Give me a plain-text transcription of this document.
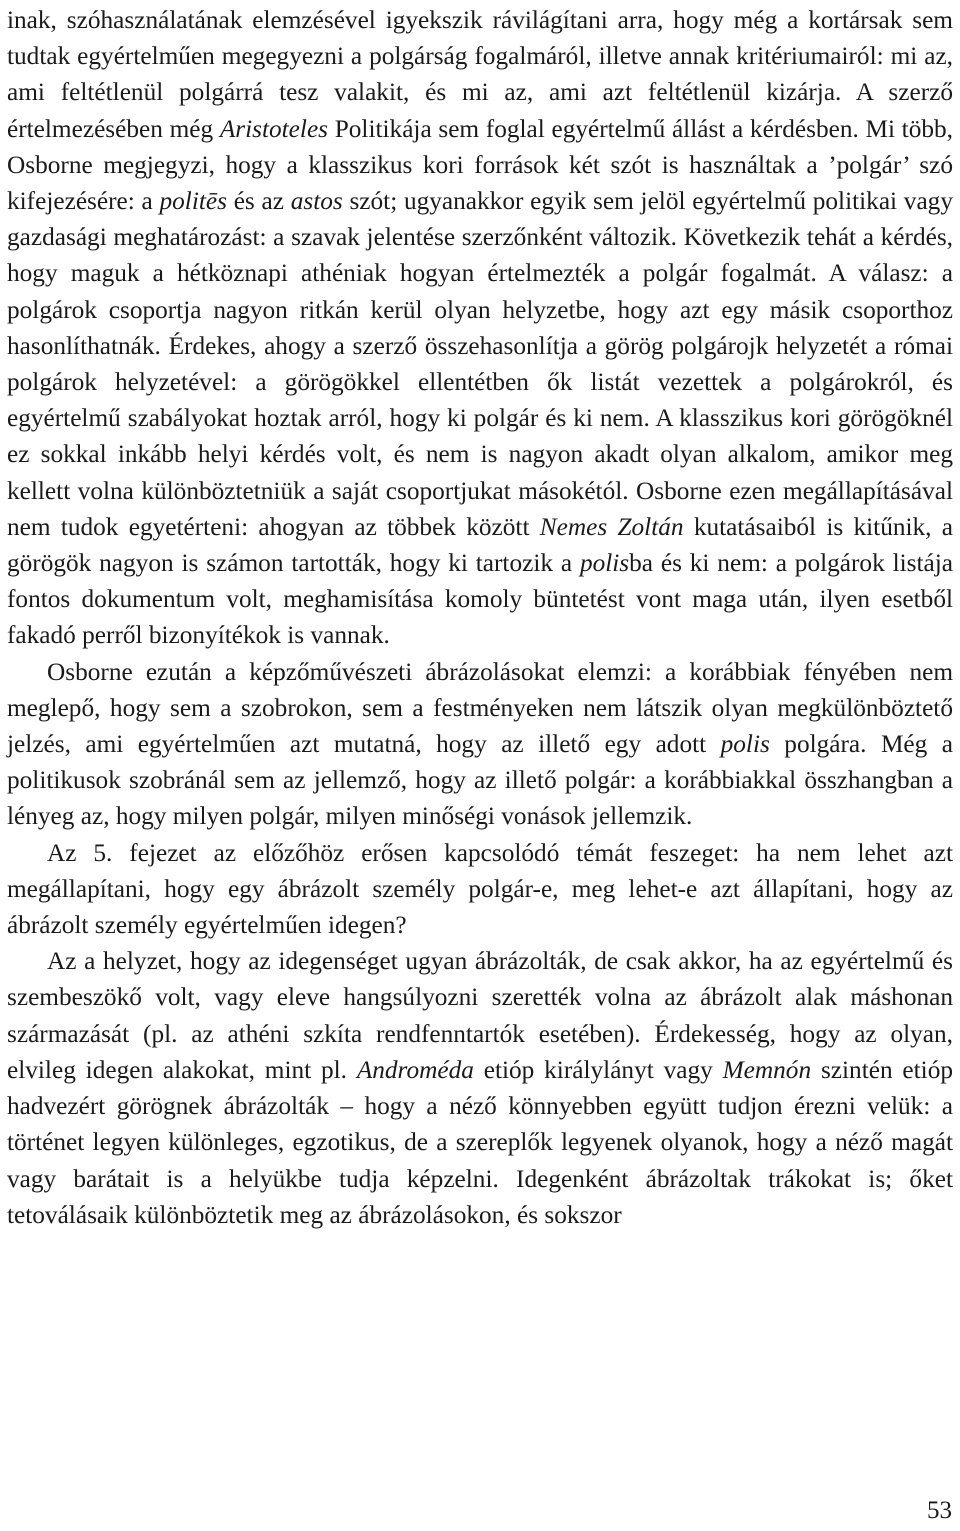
inak, szóhasználatának elemzésével igyekszik rávilágítani arra, hogy még a kortársak sem tudtak egyértelműen megegyezni a polgárság fogalmáról, illetve annak kritériumairól: mi az, ami feltétlenül polgárrá tesz valakit, és mi az, ami azt feltétlenül kizárja. A szerző értelmezésében még Aristoteles Politikája sem foglal egyértelmű állást a kérdésben. Mi több, Osborne megjegyzi, hogy a klasszikus kori források két szót is használtak a ’polgár’ szó kifejezésére: a politēs és az astos szót; ugyanakkor egyik sem jelöl egyértelmű politikai vagy gazdasági meghatározást: a szavak jelentése szerzőnként változik. Következik tehát a kérdés, hogy maguk a hétköznapi athéniak hogyan értelmezték a polgár fogalmát. A válasz: a polgárok csoportja nagyon ritkán kerül olyan helyzetbe, hogy azt egy másik csoporthoz hasonlíthatnák. Érdekes, ahogy a szerző összehasonlítja a görög polgárojk helyzetét a római polgárok helyzetével: a görögökkel ellentétben ők listát vezettek a polgárokról, és egyértelmű szabályokat hoztak arról, hogy ki polgár és ki nem. A klasszikus kori görögöknél ez sokkal inkább helyi kérdés volt, és nem is nagyon akadt olyan alkalom, amikor meg kellett volna különböztetniük a saját csoportjukat másokétól. Osborne ezen megállapításával nem tudok egyetérteni: ahogyan az többek között Nemes Zoltán kutatásaiból is kitűnik, a görögök nagyon is számon tartották, hogy ki tartozik a polisba és ki nem: a polgárok listája fontos dokumentum volt, meghamisítása komoly büntetést vont maga után, ilyen esetből fakadó perről bizonyítékok is vannak.

Osborne ezután a képzőművészeti ábrázolásokat elemzi: a korábbiak fényében nem meglepő, hogy sem a szobrokon, sem a festményeken nem látszik olyan megkülönböztető jelzés, ami egyértelműen azt mutatná, hogy az illető egy adott polis polgára. Még a politikusok szobránál sem az jellemző, hogy az illető polgár: a korábbiakkal összhangban a lényeg az, hogy milyen polgár, milyen minőségi vonások jellemzik.

Az 5. fejezet az előzőhöz erősen kapcsolódó témát feszeget: ha nem lehet azt megállapítani, hogy egy ábrázolt személy polgár-e, meg lehet-e azt állapítani, hogy az ábrázolt személy egyértelműen idegen?

Az a helyzet, hogy az idegenséget ugyan ábrázolták, de csak akkor, ha az egyértelmű és szembeszökő volt, vagy eleve hangsúlyozni szerették volna az ábrázolt alak máshonan származását (pl. az athéni szkíta rendfenntartók esetében). Érdekesség, hogy az olyan, elvileg idegen alakokat, mint pl. Androméda etióp királylányt vagy Memnón szintén etióp hadvezért görögnek ábrázolták – hogy a néző könnyebben együtt tudjon érezni velük: a történet legyen különleges, egzotikus, de a szereplők legyenek olyanok, hogy a néző magát vagy barátait is a helyükbe tudja képzelni. Idegenként ábrázoltak trákokat is; őket tetoválásaik különböztetik meg az ábrázolásokon, és sokszor

53
